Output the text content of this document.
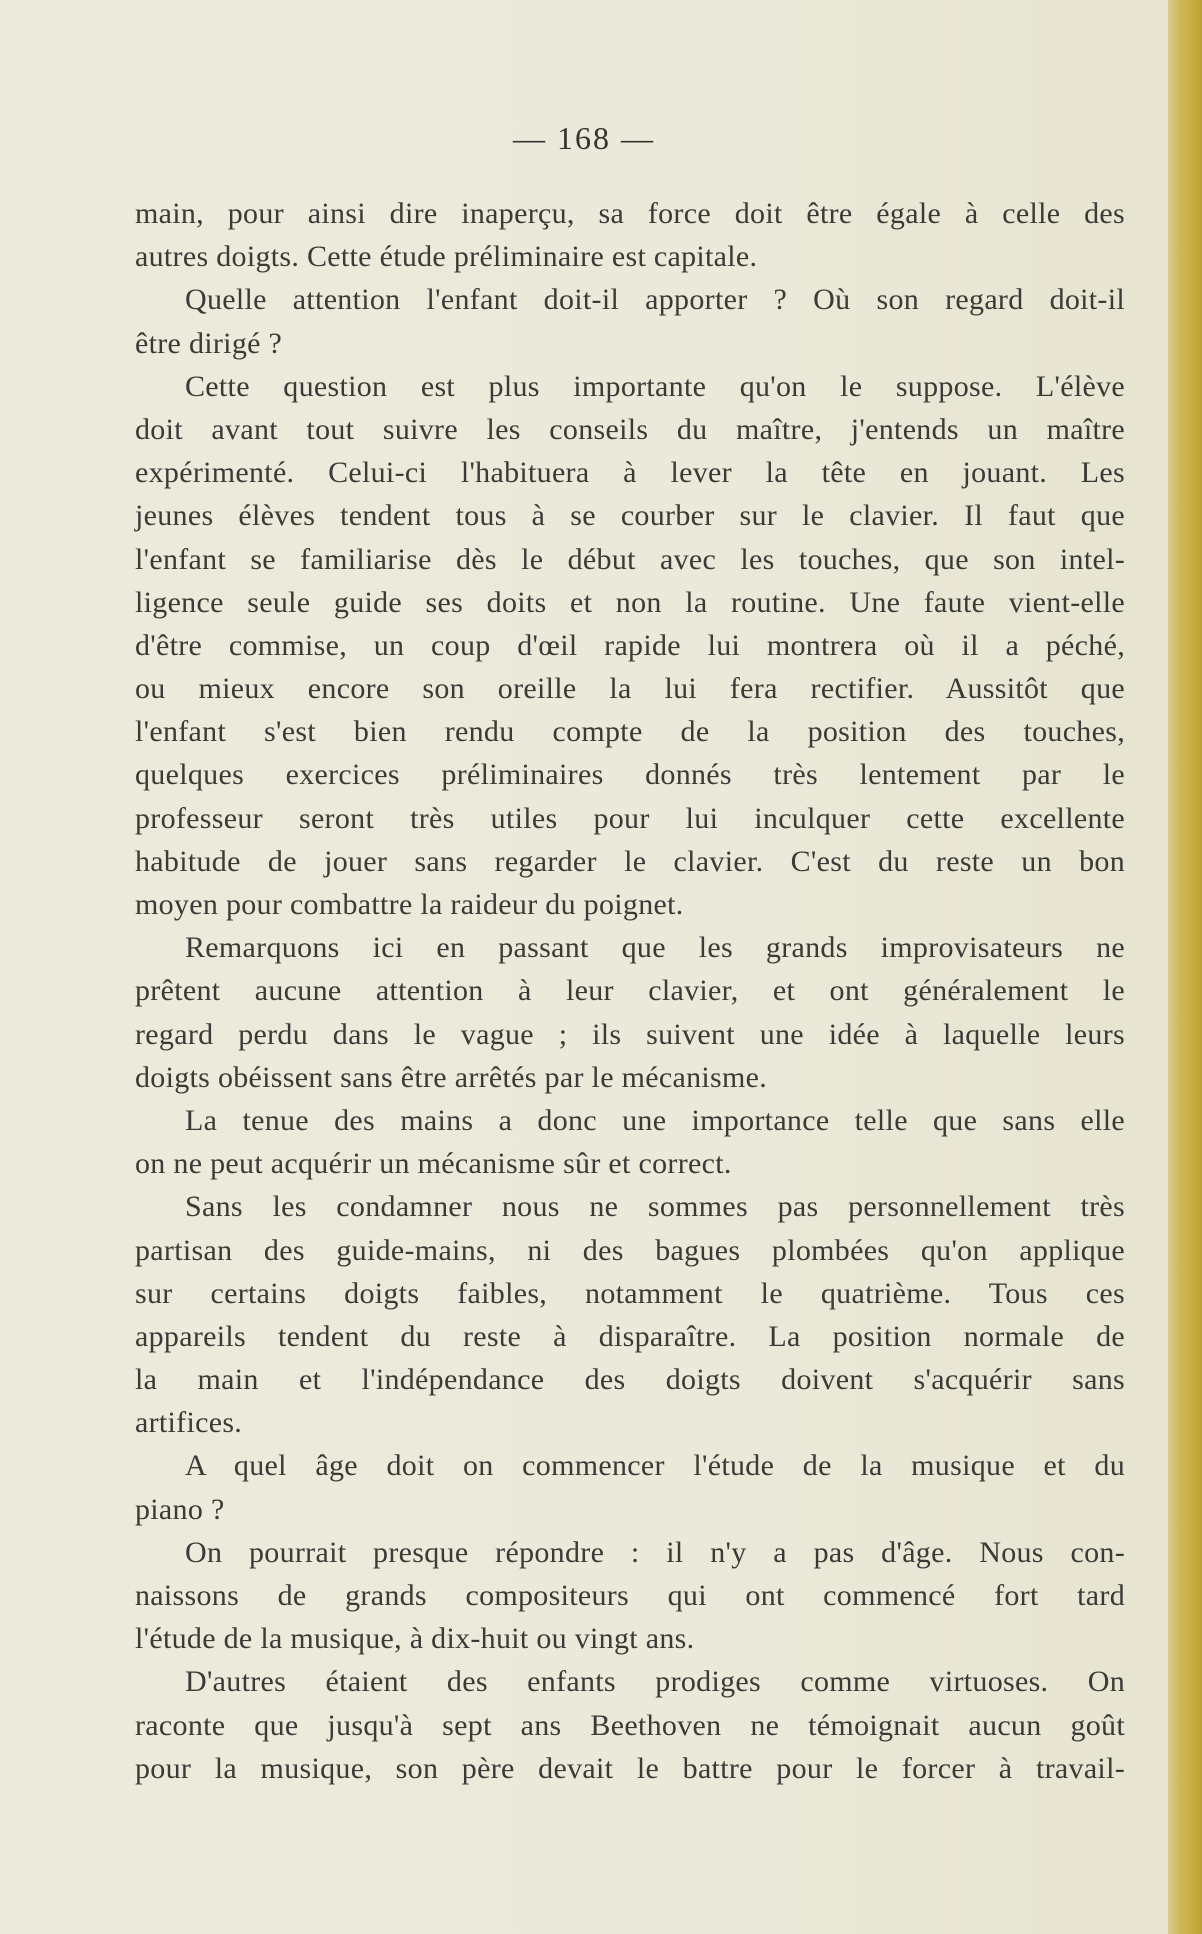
— 168 —
main, pour ainsi dire inaperçu, sa force doit être égale à celle des
autres doigts. Cette étude préliminaire est capitale.
Quelle attention l'enfant doit-il apporter ? Où son regard doit-il
être dirigé ?
Cette question est plus importante qu'on le suppose. L'élève
doit avant tout suivre les conseils du maître, j'entends un maître
expérimenté. Celui-ci l'habituera à lever la tête en jouant. Les
jeunes élèves tendent tous à se courber sur le clavier. Il faut que
l'enfant se familiarise dès le début avec les touches, que son intel-
ligence seule guide ses doits et non la routine. Une faute vient-elle
d'être commise, un coup d'œil rapide lui montrera où il a péché,
ou mieux encore son oreille la lui fera rectifier. Aussitôt que
l'enfant s'est bien rendu compte de la position des touches,
quelques exercices préliminaires donnés très lentement par le
professeur seront très utiles pour lui inculquer cette excellente
habitude de jouer sans regarder le clavier. C'est du reste un bon
moyen pour combattre la raideur du poignet.
Remarquons ici en passant que les grands improvisateurs ne
prêtent aucune attention à leur clavier, et ont généralement le
regard perdu dans le vague ; ils suivent une idée à laquelle leurs
doigts obéissent sans être arrêtés par le mécanisme.
La tenue des mains a donc une importance telle que sans elle
on ne peut acquérir un mécanisme sûr et correct.
Sans les condamner nous ne sommes pas personnellement très
partisan des guide-mains, ni des bagues plombées qu'on applique
sur certains doigts faibles, notamment le quatrième. Tous ces
appareils tendent du reste à disparaître. La position normale de
la main et l'indépendance des doigts doivent s'acquérir sans
artifices.
A quel âge doit on commencer l'étude de la musique et du
piano ?
On pourrait presque répondre : il n'y a pas d'âge. Nous con-
naissons de grands compositeurs qui ont commencé fort tard
l'étude de la musique, à dix-huit ou vingt ans.
D'autres étaient des enfants prodiges comme virtuoses. On
raconte que jusqu'à sept ans Beethoven ne témoignait aucun goût
pour la musique, son père devait le battre pour le forcer à travail-
